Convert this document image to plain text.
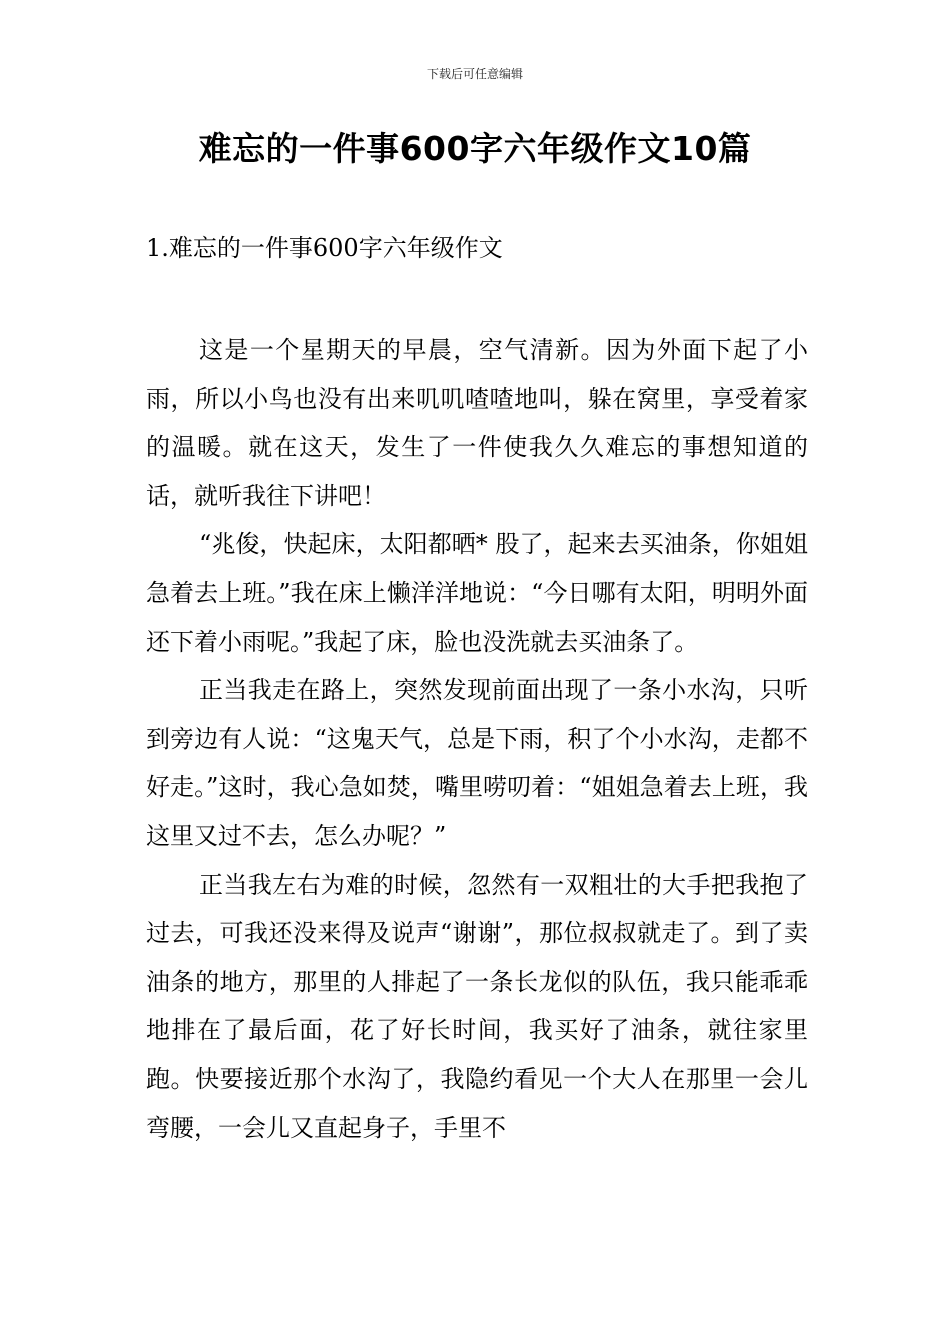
下载后可任意编辑
难忘的一件事600字六年级作文10篇
1.难忘的一件事600字六年级作文

这是一个星期天的早晨，空气清新。因为外面下起了小雨，所以小鸟也没有出来叽叽喳喳地叫，躲在窝里，享受着家的温暖。就在这天，发生了一件使我久久难忘的事想知道的话，就听我往下讲吧！

“兆俊，快起床，太阳都晒* 股了，起来去买油条，你姐姐急着去上班。”我在床上懒洋洋地说：“今日哪有太阳，明明外面还下着小雨呢。”我起了床，脸也没洗就去买油条了。

正当我走在路上，突然发现前面出现了一条小水沟，只听到旁边有人说：“这鬼天气，总是下雨，积了个小水沟，走都不好走。”这时，我心急如焚，嘴里唠叨着：“姐姐急着去上班，我这里又过不去，怎么办呢？”

正当我左右为难的时候，忽然有一双粗壮的大手把我抱了过去，可我还没来得及说声“谢谢”，那位叔叔就走了。到了卖油条的地方，那里的人排起了一条长龙似的队伍，我只能乖乖地排在了最后面，花了好长时间，我买好了油条，就往家里跑。快要接近那个水沟了，我隐约看见一个大人在那里一会儿弯腰，一会儿又直起身子，手里不
